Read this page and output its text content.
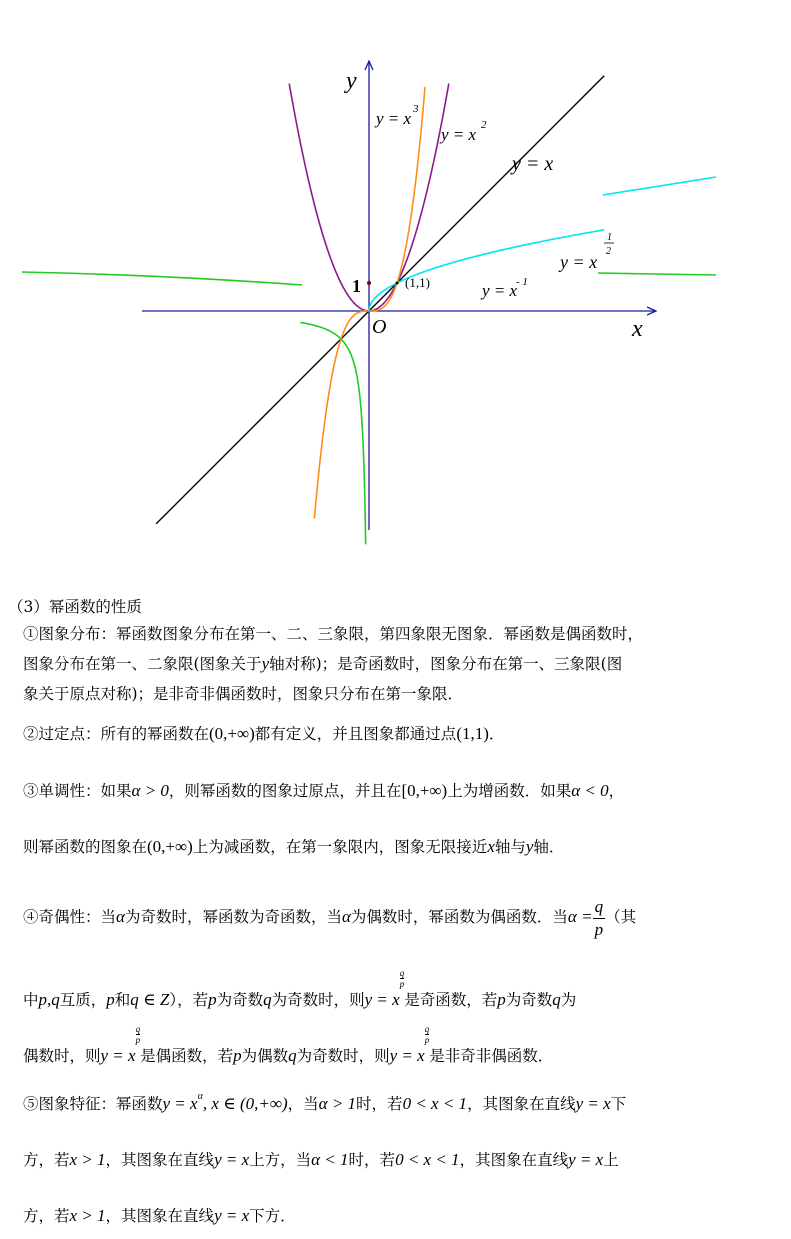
y
x
O
1	(1,1)
y = x 3
y = x 2
y = x
y = x
1
2
y = x
- 1
（3）幂函数的性质
①图象分布：幂函数图象分布在第一、二、三象限，第四象限无图象．幂函数是偶函数时，
图象分布在第一、二象限(图象关于y轴对称)；是奇函数时，图象分布在第一、三象限(图
象关于原点对称)；是非奇非偶函数时，图象只分布在第一象限．
②过定点：所有的幂函数在(0,+∞)都有定义，并且图象都通过点(1,1)．
③单调性：如果α > 0，则幂函数的图象过原点，并且在[0,+∞)上为增函数．如果α < 0，
则幂函数的图象在(0,+∞)上为减函数，在第一象限内，图象无限接近x轴与y轴．
④奇偶性：当α为奇数时，幂函数为奇函数，当α为偶数时，幂函数为偶函数．当$\alpha = \frac{q}{p}$ （其
中p,q互质，p和q ∈ Z），若p为奇数q为奇数时，则y = x
$\frac{q}{p}$
是奇函数，若p为奇数q为
偶数时，则y = x
$\frac{q}{p}$
是偶函数，若p为偶数q为奇数时，则y = x
$\frac{q}{p}$
是非奇非偶函数．
⑤图象特征：幂函数$y = x^\alpha$, x ∈ (0,+∞)，当α > 1时，若0 < x < 1，其图象在直线y = x下
方，若x > 1，其图象在直线y = x上方，当α < 1时，若0 < x < 1，其图象在直线y = x上
方，若x > 1，其图象在直线y = x下方．
